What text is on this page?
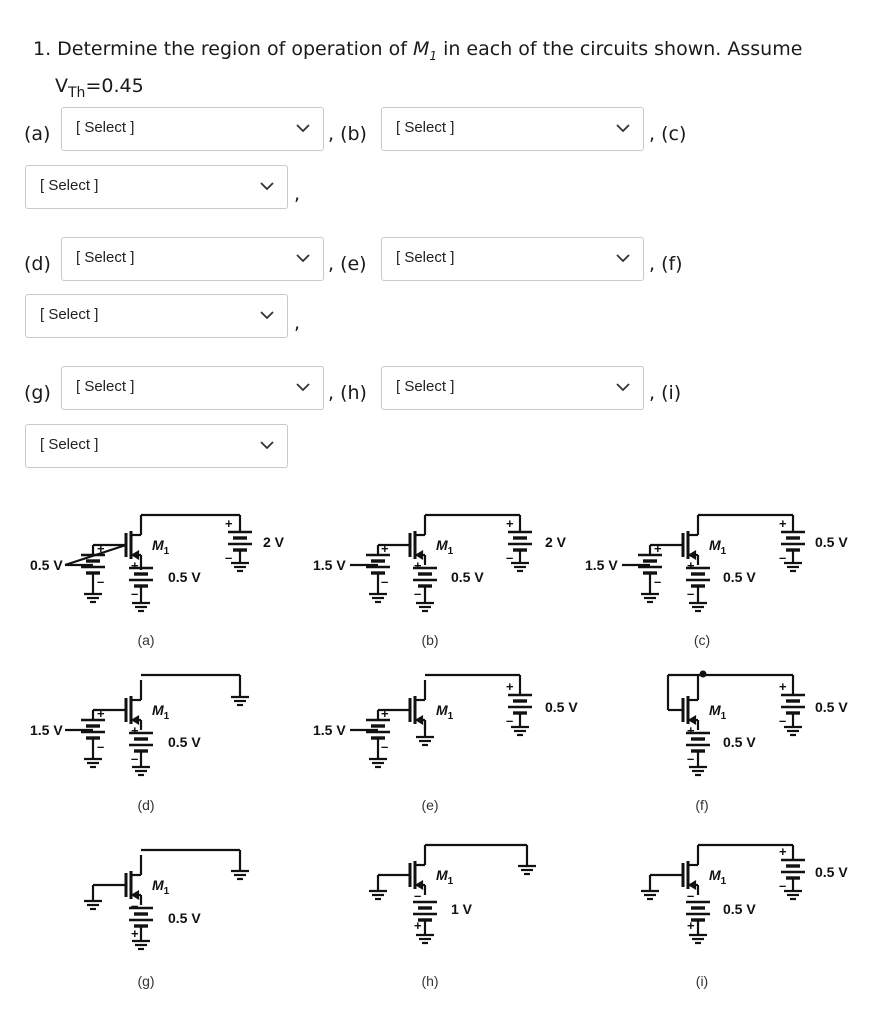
1. Determine the region of operation of $M_1$ in each of the circuits shown. Assume
$V_{Th}=0.45$
(a) [ Select ]	, (b) [ Select ]	, (c)
[ Select ]	,
(d) [ Select ]	, (e) [ Select ]	, (f)
[ Select ]	,
(g) [ Select ]	, (h) [ Select ]	, (i)
[ Select ]
$M_1$	$M_1$	$M_1$
$M_1$	$M_1$	$M_1$
$M_1$
$M_1$	$M_1$
0.5 V
0.5 V
2 V
1.5 V
0.5 V
2 V
1.5 V
0.5 V
0.5 V
1.5 V
0.5 V
1.5 V
0.5 V
0.5 V
0.5 V
0.5 V
1 V	0.5 V
0.5 V
+
–
+
–
+
–
+
–
+
–
+
–
+
–
+
–
+
–
+
–
+
–
+
–
+
–
+
–
+
–
–
+
–
+
–
+
+
–
(a)	(b)	(c)
(d)	(e)	(f)
(g)	(h)	(i)
